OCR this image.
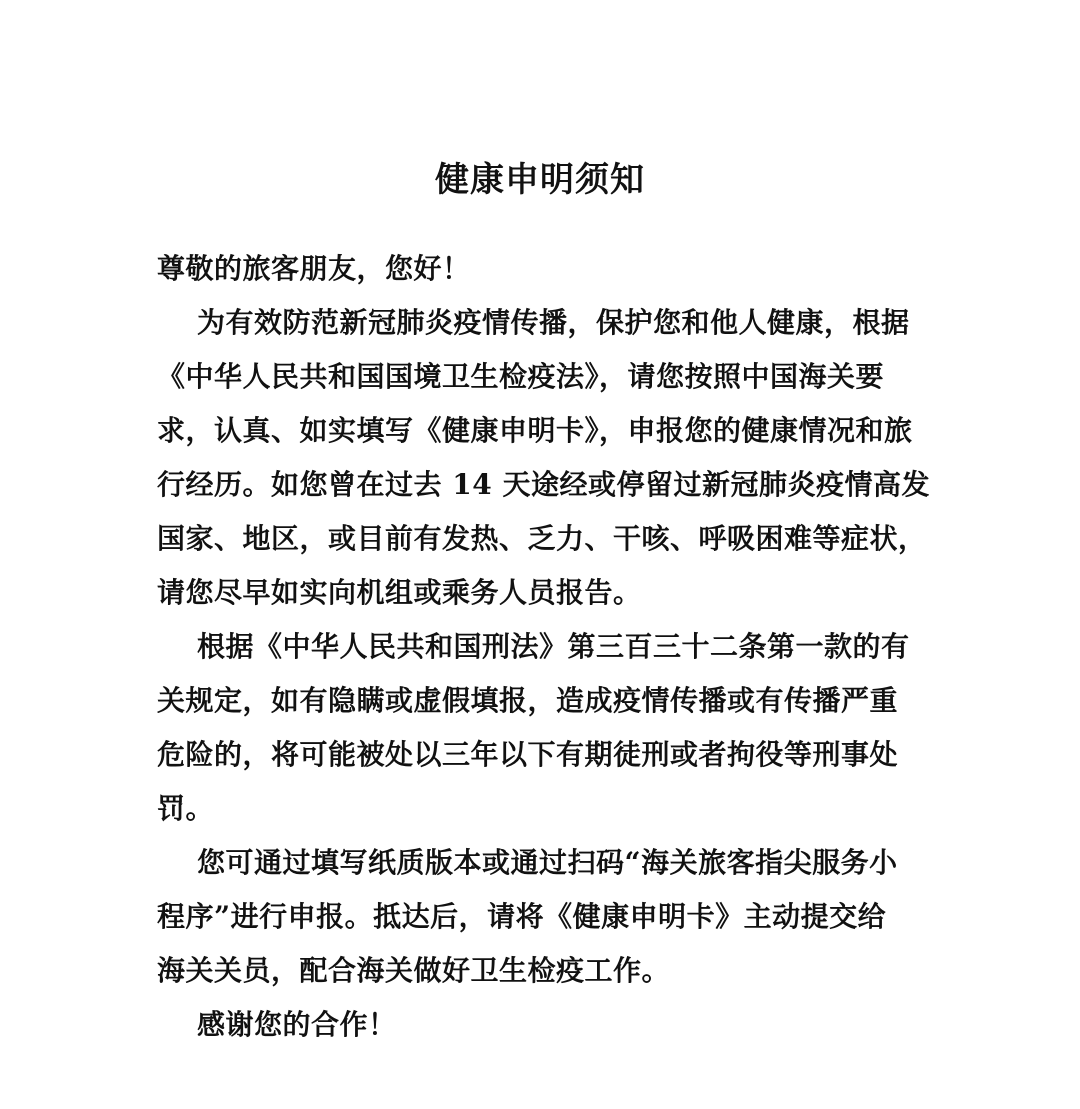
健康申明须知
尊敬的旅客朋友，您好！
为有效防范新冠肺炎疫情传播，保护您和他人健康，根据
《中华人民共和国国境卫生检疫法》，请您按照中国海关要
求，认真、如实填写《健康申明卡》，申报您的健康情况和旅
行经历。如您曾在过去 14 天途经或停留过新冠肺炎疫情高发
国家、地区，或目前有发热、乏力、干咳、呼吸困难等症状，
请您尽早如实向机组或乘务人员报告。
根据《中华人民共和国刑法》第三百三十二条第一款的有
关规定，如有隐瞒或虚假填报，造成疫情传播或有传播严重
危险的，将可能被处以三年以下有期徒刑或者拘役等刑事处
罚。
您可通过填写纸质版本或通过扫码“海关旅客指尖服务小
程序”进行申报。抵达后，请将《健康申明卡》主动提交给
海关关员，配合海关做好卫生检疫工作。
感谢您的合作！
